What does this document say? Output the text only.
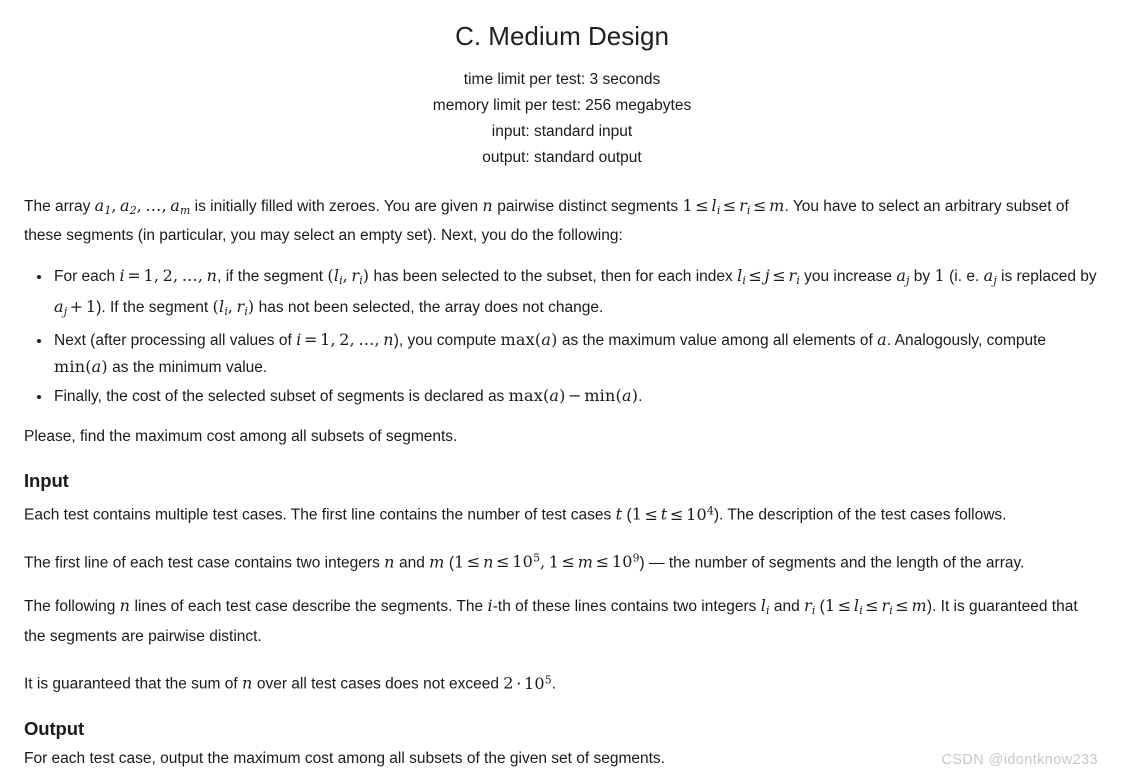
C. Medium Design
time limit per test: 3 seconds
memory limit per test: 256 megabytes
input: standard input
output: standard output

The array $a_1$, $a_2$,  …, $a_m$ is initially filled with zeroes. You are given n pairwise distinct segments $1 \le l_i \le r_i \le m$. You have to select an arbitrary subset of these segments (in particular, you may select an empty set). Next, you do the following:

• For each i = 1,  2,  …, n, if the segment ($l_i$, $r_i$) has been selected to the subset, then for each index $l_i \le j \le r_i$ you increase $a_j$ by 1 (i. e. $a_j$ is replaced by $a_j + 1$). If the segment ($l_i$, $r_i$) has not been selected, the array does not change.
• Next (after processing all values of i = 1,  2,  …, n), you compute max(a) as the maximum value among all elements of a. Analogously, compute min(a) as the minimum value.
• Finally, the cost of the selected subset of segments is declared as max(a) − min(a).

Please, find the maximum cost among all subsets of segments.

Input

Each test contains multiple test cases. The first line contains the number of test cases t $(1 \le t \le 10^4)$. The description of the test cases follows.

The first line of each test case contains two integers n and m ($1 \le n \le 10^5$,  $1 \le m \le 10^9$) — the number of segments and the length of the array.

The following n lines of each test case describe the segments. The i-th of these lines contains two integers $l_i$ and $r_i$ $(1 \le l_i \le r_i \le m)$. It is guaranteed that the segments are pairwise distinct.

It is guaranteed that the sum of n over all test cases does not exceed $2 \cdot 10^5$.

Output

For each test case, output the maximum cost among all subsets of the given set of segments.	CSDN @idontknow233
